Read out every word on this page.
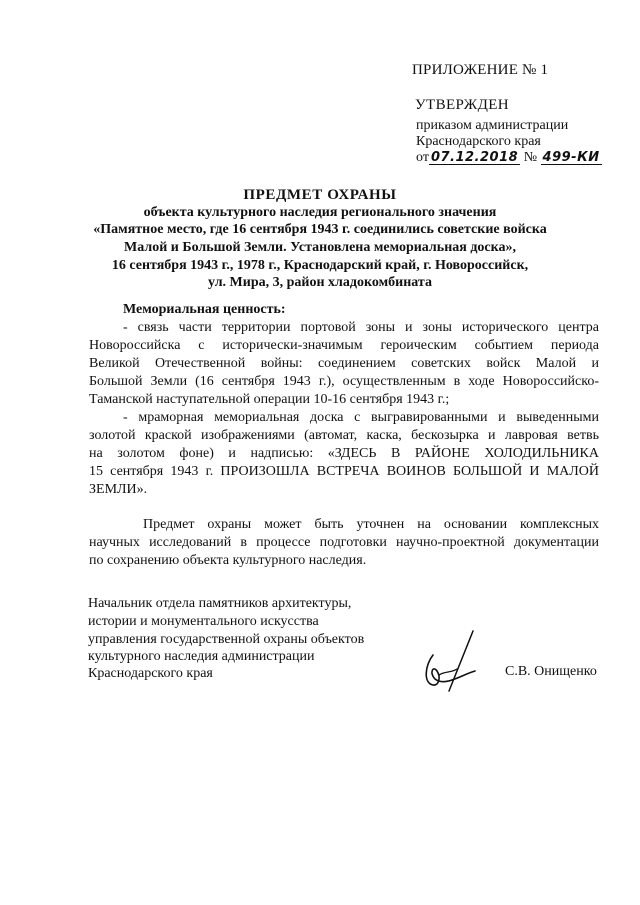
ПРИЛОЖЕНИЕ № 1
УТВЕРЖДЕН
приказом администрации
Краснодарского края
от 07.12.2018 № 499-КИ
ПРЕДМЕТ ОХРАНЫ
объекта культурного наследия регионального значения
«Памятное место, где 16 сентября 1943 г. соединились советские войска
Малой и Большой Земли. Установлена мемориальная доска»,
16 сентября 1943 г., 1978 г., Краснодарский край, г. Новороссийск,
ул. Мира, 3, район хладокомбината
Мемориальная ценность:
- связь части территории портовой зоны и зоны исторического центра
Новороссийска с исторически-значимым героическим событием периода
Великой Отечественной войны: соединением советских войск Малой и
Большой Земли (16 сентября 1943 г.), осуществленным в ходе Новороссийско-
Таманской наступательной операции 10-16 сентября 1943 г.;
- мраморная мемориальная доска с выгравированными и выведенными
золотой краской изображениями (автомат, каска, бескозырка и лавровая ветвь
на золотом фоне) и надписью: «ЗДЕСЬ В РАЙОНЕ ХОЛОДИЛЬНИКА
15 сентября 1943 г. ПРОИЗОШЛА ВСТРЕЧА ВОИНОВ БОЛЬШОЙ И МАЛОЙ
ЗЕМЛИ».
Предмет охраны может быть уточнен на основании комплексных
научных исследований в процессе подготовки научно-проектной документации
по сохранению объекта культурного наследия.
Начальник отдела памятников архитектуры,
истории и монументального искусства
управления государственной охраны объектов
культурного наследия администрации
Краснодарского края	С.В. Онищенко
